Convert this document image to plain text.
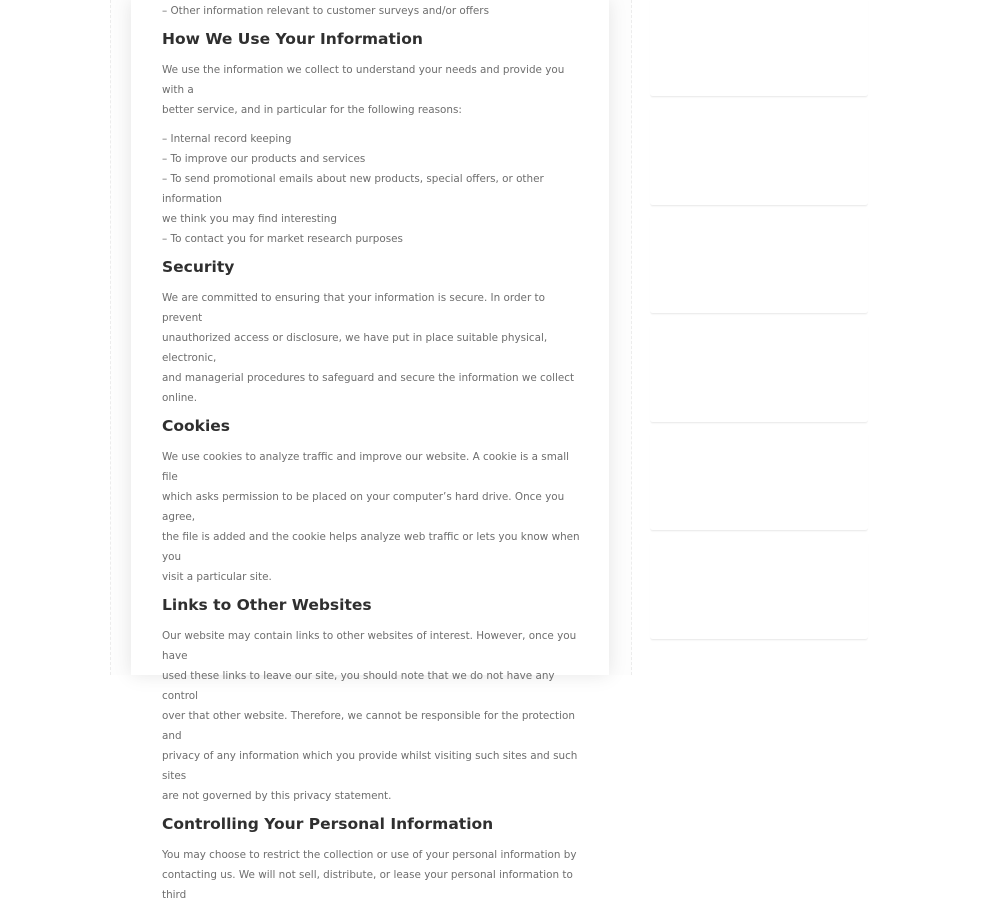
– Other information relevant to customer surveys and/or offers

How We Use Your Information

We use the information we collect to understand your needs and provide you with a

better service, and in particular for the following reasons:

– Internal record keeping

– To improve our products and services

– To send promotional emails about new products, special offers, or other information

we think you may find interesting

– To contact you for market research purposes

Security

We are committed to ensuring that your information is secure. In order to prevent

unauthorized access or disclosure, we have put in place suitable physical, electronic,

and managerial procedures to safeguard and secure the information we collect

online.

Cookies

We use cookies to analyze traffic and improve our website. A cookie is a small file

which asks permission to be placed on your computer’s hard drive. Once you agree,

the file is added and the cookie helps analyze web traffic or lets you know when you

visit a particular site.

Links to Other Websites

Our website may contain links to other websites of interest. However, once you have

used these links to leave our site, you should note that we do not have any control

over that other website. Therefore, we cannot be responsible for the protection and

privacy of any information which you provide whilst visiting such sites and such sites

are not governed by this privacy statement.

Controlling Your Personal Information

You may choose to restrict the collection or use of your personal information by

contacting us. We will not sell, distribute, or lease your personal information to third
